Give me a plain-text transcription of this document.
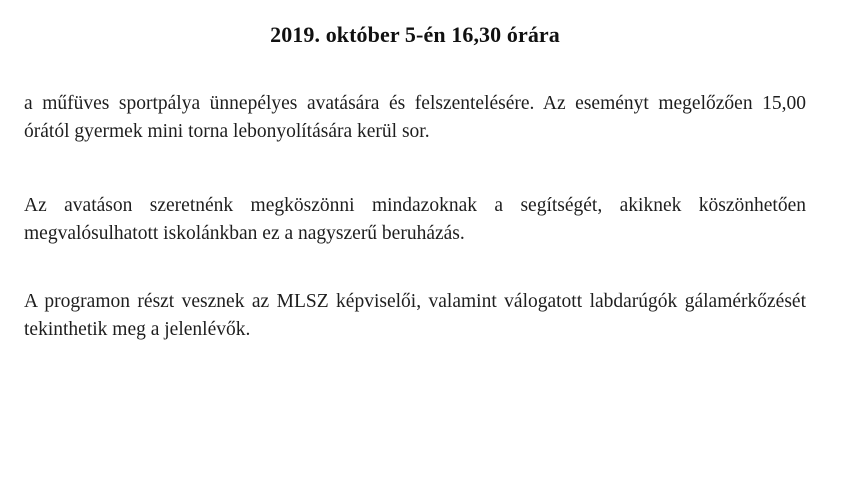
2019. október 5-én 16,30 órára

a műfüves sportpálya ünnepélyes avatására és felszentelésére. Az eseményt megelőzően 15,00 órától gyermek mini torna lebonyolítására kerül sor.

Az avatáson szeretnénk megköszönni mindazoknak a segítségét, akiknek köszönhetően megvalósulhatott iskolánkban ez a nagyszerű beruházás.

A programon részt vesznek az MLSZ képviselői, valamint válogatott labdarúgók gálamérkőzését tekinthetik meg a jelenlévők.
